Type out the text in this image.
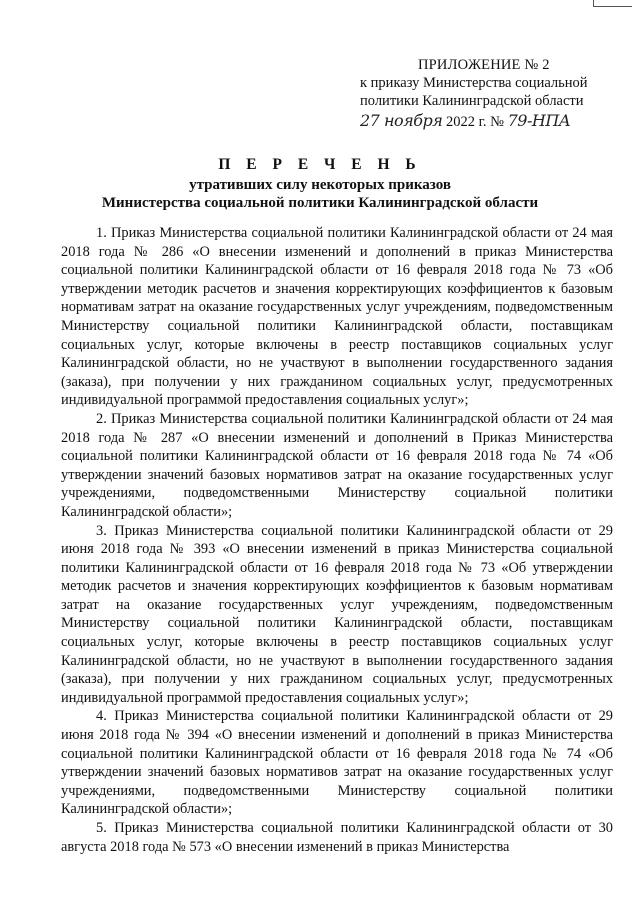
ПРИЛОЖЕНИЕ № 2
к приказу Министерства социальной
политики Калининградской области
27 ноября 2022 г. № 79-НПА
П Е Р Е Ч Е Н Ь
утративших силу некоторых приказов
Министерства социальной политики Калининградской области

1. Приказ Министерства социальной политики Калининградской области от 24 мая 2018 года № 286 «О внесении изменений и дополнений в приказ Министерства социальной политики Калининградской области от 16 февраля 2018 года № 73 «Об утверждении методик расчетов и значения корректирующих коэффициентов к базовым нормативам затрат на оказание государственных услуг учреждениям, подведомственным Министерству социальной политики Калининградской области, поставщикам социальных услуг, которые включены в реестр поставщиков социальных услуг Калининградской области, но не участвуют в выполнении государственного задания (заказа), при получении у них гражданином социальных услуг, предусмотренных индивидуальной программой предоставления социальных услуг»;

2. Приказ Министерства социальной политики Калининградской области от 24 мая 2018 года № 287 «О внесении изменений и дополнений в Приказ Министерства социальной политики Калининградской области от 16 февраля 2018 года № 74 «Об утверждении значений базовых нормативов затрат на оказание государственных услуг учреждениями, подведомственными Министерству социальной политики Калининградской области»;

3. Приказ Министерства социальной политики Калининградской области от 29 июня 2018 года № 393 «О внесении изменений в приказ Министерства социальной политики Калининградской области от 16 февраля 2018 года № 73 «Об утверждении методик расчетов и значения корректирующих коэффициентов к базовым нормативам затрат на оказание государственных услуг учреждениям, подведомственным Министерству социальной политики Калининградской области, поставщикам социальных услуг, которые включены в реестр поставщиков социальных услуг Калининградской области, но не участвуют в выполнении государственного задания (заказа), при получении у них гражданином социальных услуг, предусмотренных индивидуальной программой предоставления социальных услуг»;

4. Приказ Министерства социальной политики Калининградской области от 29 июня 2018 года № 394 «О внесении изменений и дополнений в приказ Министерства социальной политики Калининградской области от 16 февраля 2018 года № 74 «Об утверждении значений базовых нормативов затрат на оказание государственных услуг учреждениями, подведомственными Министерству социальной политики Калининградской области»;

5. Приказ Министерства социальной политики Калининградской области от 30 августа 2018 года № 573 «О внесении изменений в приказ Министерства
